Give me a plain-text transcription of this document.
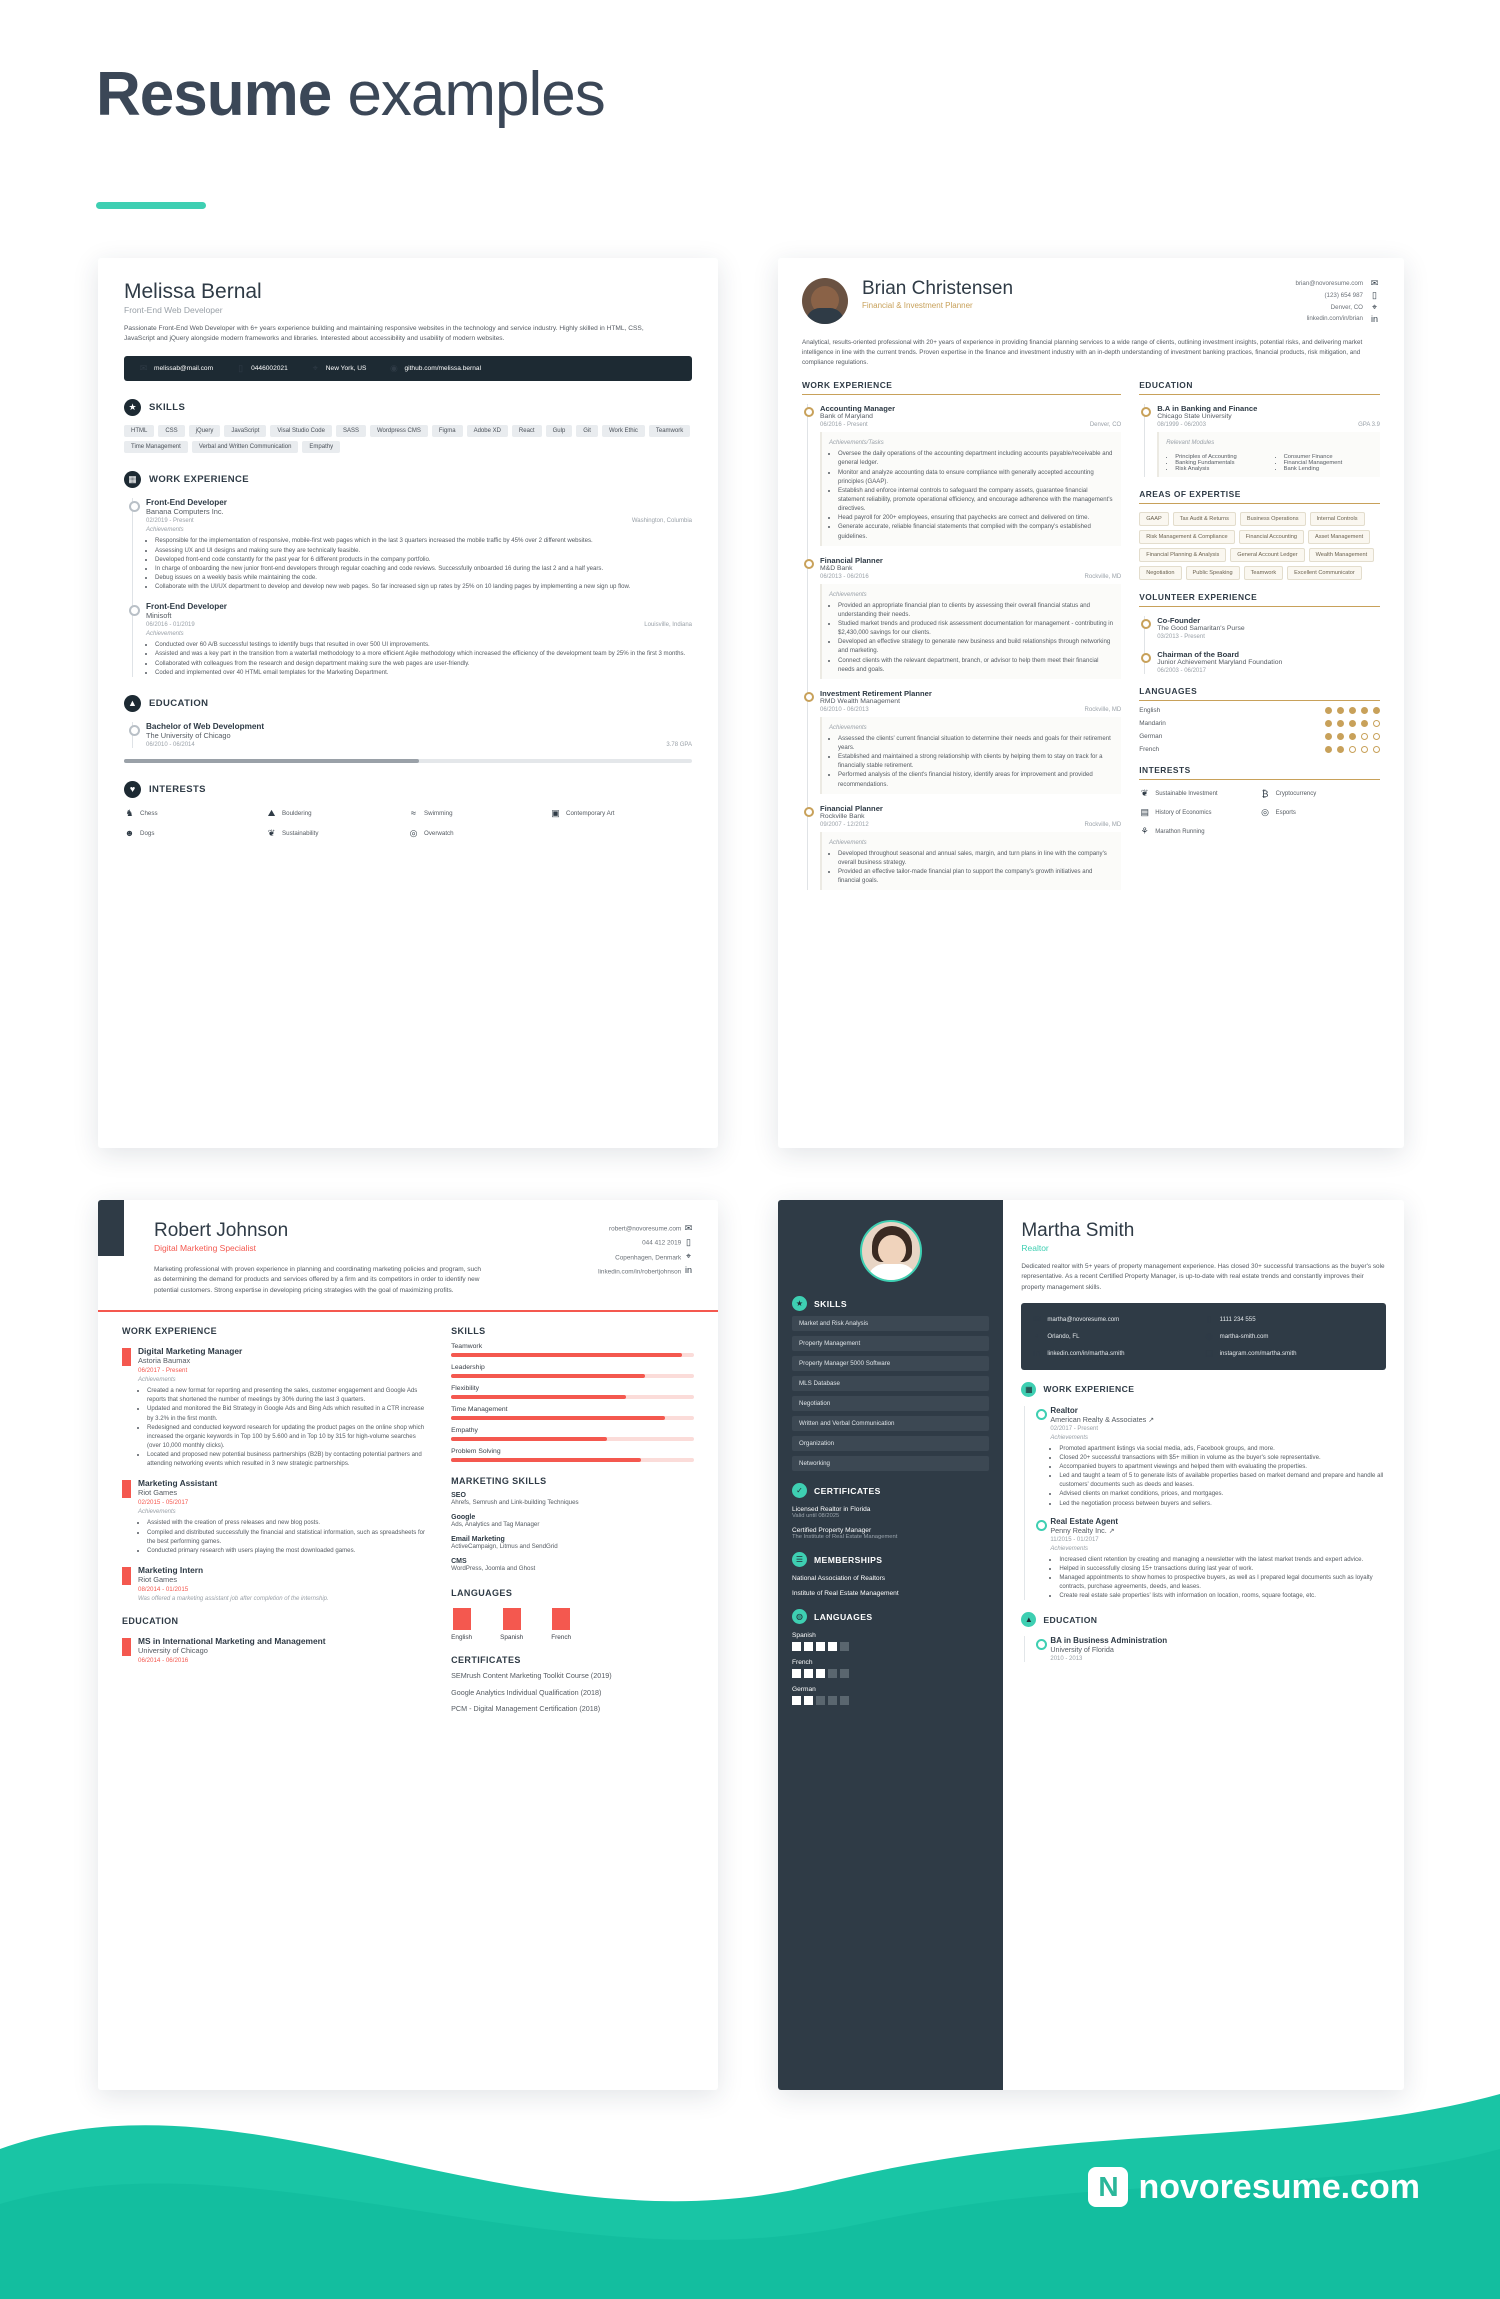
Resume examples
Melissa Bernal
Front-End Web Developer
Passionate Front-End Web Developer with 6+ years experience building and maintaining responsive websites in the technology and service industry. Highly skilled in HTML, CSS, JavaScript and jQuery alongside modern frameworks and libraries. Interested about accessibility and usability of modern websites.
✉ melissab@mail.com	▯	0446002021	⌖	New York, US	◉ github.com/melissa.bernal
★	SKILLS
HTML	CSS	jQuery	JavaScript	Visal Studio Code	SASS	Wordpress CMS	Figma	Adobe XD	React	Gulp	Git	Work Ethic	Teamwork
Time Management	Verbal and Written Communication	Empathy
▦	WORK EXPERIENCE
Front-End Developer
Banana Computers Inc.
02/2019 - Present	Washington, Columbia
Achievements
• Responsible for the implementation of responsive, mobile-first web pages which in the last 3 quarters increased the mobile traffic by 45% over 2 different websites.
• Assessing UX and UI designs and making sure they are technically feasible.
• Developed front-end code constantly for the past year for 6 different products in the company portfolio.
• In charge of onboarding the new junior front-end developers through regular coaching and code reviews. Successfully onboarded 16 during the last 2 and a half years.
• Debug issues on a weekly basis while maintaining the code.
• Collaborate with the UI/UX department to develop and develop new web pages. So far increased sign up rates by 25% on 10 landing pages by implementing a new sign up flow.
Front-End Developer
Minisoft
06/2016 - 01/2019	Louisville, Indiana
Achievements
• Conducted over 60 A/B successful testings to identify bugs that resulted in over 500 UI improvements.
• Assisted and was a key part in the transition from a waterfall methodology to a more efficient Agile methodology which increased the efficiency of the development team by 25% in the first 3 months.
• Collaborated with colleagues from the research and design department making sure the web pages are user-friendly.
• Coded and implemented over 40 HTML email templates for the Marketing Department.
▲	EDUCATION
Bachelor of Web Development
The University of Chicago
06/2010 - 06/2014	3.78 GPA
♥	INTERESTS
♞ Chess	⛰ Bouldering	≈	Swimming	▣ Contemporary Art
☻ Dogs	❦ Sustainability	◎ Overwatch
Brian Christensen
Financial & Investment Planner
brian@novoresume.com ✉
(123) 654 987	▯
Denver, CO ⌖
linkedin.com/in/brian in
Analytical, results-oriented professional with 20+ years of experience in providing financial planning services to a wide range of clients, outlining investment insights, potential risks, and delivering market intelligence in line with the current trends. Proven expertise in the finance and investment industry with an in-depth understanding of investment banking practices, financial products, risk mitigation, and compliance regulations.
WORK EXPERIENCE
Accounting Manager
Bank of Maryland
06/2016 - Present	Denver, CO
Achievements/Tasks
• Oversee the daily operations of the accounting department including accounts payable/receivable and general ledger.
• Monitor and analyze accounting data to ensure compliance with generally accepted accounting principles (GAAP).
• Establish and enforce internal controls to safeguard the company assets, guarantee financial statement reliability, promote operational efficiency, and encourage adherence with the management's directives.
• Head payroll for 200+ employees, ensuring that paychecks are correct and delivered on time.
• Generate accurate, reliable financial statements that complied with the company's established guidelines.
Financial Planner
M&D Bank
06/2013 - 06/2016	Rockville, MD
Achievements
• Provided an appropriate financial plan to clients by assessing their overall financial status and understanding their needs.
• Studied market trends and produced risk assessment documentation for management - contributing in $2,430,000 savings for our clients.
• Developed an effective strategy to generate new business and build relationships through networking and marketing.
• Connect clients with the relevant department, branch, or advisor to help them meet their financial needs and goals.
Investment Retirement Planner
RMD Wealth Management
06/2010 - 06/2013	Rockville, MD
Achievements
• Assessed the clients' current financial situation to determine their needs and goals for their retirement years.
• Established and maintained a strong relationship with clients by helping them to stay on track for a financially stable retirement.
• Performed analysis of the client's financial history, identify areas for improvement and provided recommendations.
Financial Planner
Rockville Bank
09/2007 - 12/2012	Rockville, MD
Achievements
• Developed throughout seasonal and annual sales, margin, and turn plans in line with the company's overall business strategy.
• Provided an effective tailor-made financial plan to support the company's growth initiatives and financial goals.
EDUCATION
B.A in Banking and Finance
Chicago State University
08/1999 - 06/2003	GPA 3.9
Relevant Modules
• Principles of Accounting
• Banking Fundamentals
• Risk Analysis
• Consumer Finance
• Financial Management
• Bank Lending
AREAS OF EXPERTISE
GAAP	Tax Audit & Returns	Business Operations	Internal Controls
Risk Management & Compliance	Financial Accounting	Asset Management
Financial Planning & Analysis	General Account Ledger	Wealth Management
Negotiation	Public Speaking	Teamwork	Excellent Communicator
VOLUNTEER EXPERIENCE
Co-Founder
The Good Samaritan's Purse
03/2013 - Present
Chairman of the Board
Junior Achievement Maryland Foundation
06/2003 - 06/2017
LANGUAGES
English
Mandarin
German
French
INTERESTS
❦ Sustainable Investment	₿	Cryptocurrency
▤ History of Economics	◎ Esports
⚘ Marathon Running
Robert Johnson
Digital Marketing Specialist
robert@novoresume.com ✉
044 412 2019 ▯
Copenhagen, Denmark ⌖
linkedin.com/in/robertjohnson in
Marketing professional with proven experience in planning and coordinating marketing policies and program, such as determining the demand for products and services offered by a firm and its competitors in order to identify new potential customers. Strong expertise in developing pricing strategies with the goal of maximizing profits.
WORK EXPERIENCE
Digital Marketing Manager
Astoria Baumax
06/2017 - Present
Achievements
• Created a new format for reporting and presenting the sales, customer engagement and Google Ads reports that shortened the number of meetings by 30% during the last 3 quarters.
• Updated and monitored the Bid Strategy in Google Ads and Bing Ads which resulted in a CTR increase by 3.2% in the first month.
• Redesigned and conducted keyword research for updating the product pages on the online shop which increased the organic keywords in Top 100 by 5.600 and in Top 10 by 315 for high-volume searches (over 10,000 monthly clicks).
• Located and proposed new potential business partnerships (B2B) by contacting potential partners and attending networking events which resulted in 3 new strategic partnerships.
Marketing Assistant
Riot Games
02/2015 - 05/2017
Achievements
• Assisted with the creation of press releases and new blog posts.
• Compiled and distributed successfully the financial and statistical information, such as spreadsheets for the best performing games.
• Conducted primary research with users playing the most downloaded games.
Marketing Intern
Riot Games
08/2014 - 01/2015
Was offered a marketing assistant job after completion of the internship.
EDUCATION
MS in International Marketing and Management
University of Chicago
06/2014 - 06/2016
SKILLS
Teamwork
Leadership
Flexibility
Time Management
Empathy
Problem Solving
MARKETING SKILLS
SEO
Ahrefs, Semrush and Link-building Techniques
Google
Ads, Analytics and Tag Manager
Email Marketing
ActiveCampaign, Litmus and SendGrid
CMS
WordPress, Joomla and Ghost
LANGUAGES
English	Spanish	French
CERTIFICATES
SEMrush Content Marketing Toolkit Course (2019)
Google Analytics Individual Qualification (2018)
PCM - Digital Management Certification (2018)
★	SKILLS
Market and Risk Analysis
Property Management
Property Manager 5000 Software
MLS Database
Negotiation
Written and Verbal Communication
Organization
Networking
✓	CERTIFICATES
Licensed Realtor in Florida
Valid until 08/2025
Certified Property Manager
The Institute of Real Estate Management
☰	MEMBERSHIPS
National Association of Realtors
Institute of Real Estate Management
◍	LANGUAGES
Spanish
French
German
Martha Smith
Realtor
Dedicated realtor with 5+ years of property management experience. Has closed 30+ successful transactions as the buyer's sole representative. As a recent Certified Property Manager, is up-to-date with real estate trends and constantly improves their property management skills.
✉ martha@novoresume.com	▯	1111 234 555
⌖	Orlando, FL	◍ martha-smith.com
in	linkedin.com/in/martha.smith	▣ instagram.com/martha.smith
▦	WORK EXPERIENCE
Realtor
American Realty & Associates ↗
02/2017 - Present
Achievements
• Promoted apartment listings via social media, ads, Facebook groups, and more.
• Closed 20+ successful transactions with $5+ million in volume as the buyer's sole representative.
• Accompanied buyers to apartment viewings and helped them with evaluating the properties.
• Led and taught a team of 5 to generate lists of available properties based on market demand and prepare and handle all customers' documents such as deeds and leases.
• Advised clients on market conditions, prices, and mortgages.
• Led the negotiation process between buyers and sellers.
Real Estate Agent
Penny Realty Inc. ↗
11/2015 - 01/2017
Achievements
• Increased client retention by creating and managing a newsletter with the latest market trends and expert advice.
• Helped in successfully closing 15+ transactions during last year of work.
• Managed appointments to show homes to prospective buyers, as well as I prepared legal documents such as loyalty contracts, purchase agreements, deeds, and leases.
• Create real estate sale properties' lists with information on location, rooms, square footage, etc.
▲	EDUCATION
BA in Business Administration
University of Florida
2010 - 2013
N novoresume.com
